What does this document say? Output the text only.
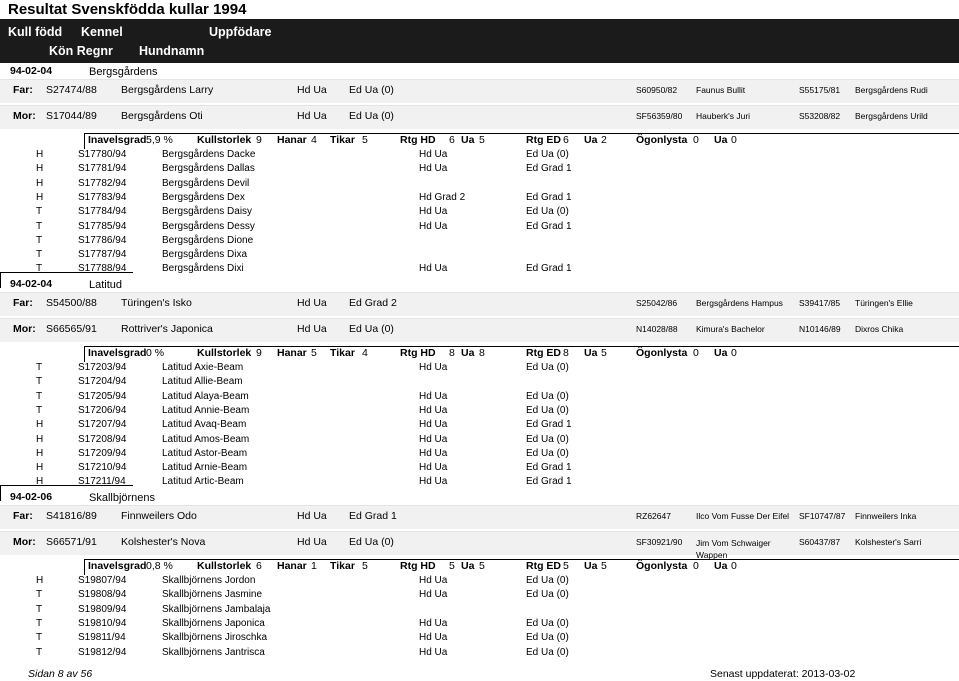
Resultat Svenskfödda kullar 1994
Kull född Kennel	Uppfödare
Kön Regnr Hundnamn
94-02-04	Bergsgårdens
Far: S27474/88 Bergsgårdens Larry	Hd Ua Ed Ua (0)	S60950/82 Faunus Bullit	S55175/81 Bergsgårdens Rudi
Mor: S17044/89 Bergsgårdens Oti	Hd Ua Ed Ua (0)	SF56359/80 Hauberk's Juri	S53208/82 Bergsgårdens Urild
Inavelsgrad 5,9 % Kullstorlek 9 Hanar 4 Tikar 5	Rtg HD 6 Ua 5	Rtg ED 6 Ua 2	Ögonlysta 0 Ua 0
H	S17780/94	Bergsgårdens Dacke	Hd Ua	Ed Ua (0)
H	S17781/94	Bergsgårdens Dallas	Hd Ua	Ed Grad 1
H	S17782/94	Bergsgårdens Devil
H	S17783/94	Bergsgårdens Dex	Hd Grad 2	Ed Grad 1
T	S17784/94	Bergsgårdens Daisy	Hd Ua	Ed Ua (0)
T	S17785/94	Bergsgårdens Dessy	Hd Ua	Ed Grad 1
T	S17786/94	Bergsgårdens Dione
T	S17787/94	Bergsgårdens Dixa
T	S17788/94	Bergsgårdens Dixi	Hd Ua	Ed Grad 1
94-02-04	Latitud
Far: S54500/88 Türingen's Isko	Hd Ua Ed Grad 2	S25042/86 Bergsgårdens Hampus S39417/85 Türingen's Ellie
Mor: S66565/91 Rottriver's Japonica	Hd Ua Ed Ua (0)	N14028/88 Kimura's Bachelor	N10146/89 Dixros Chika
Inavelsgrad 0 %	Kullstorlek 9 Hanar 5 Tikar 4	Rtg HD 8 Ua 8	Rtg ED 8 Ua 5	Ögonlysta 0 Ua 0
T	S17203/94	Latitud Axie-Beam	Hd Ua	Ed Ua (0)
T	S17204/94	Latitud Allie-Beam
T	S17205/94	Latitud Alaya-Beam	Hd Ua	Ed Ua (0)
T	S17206/94	Latitud Annie-Beam	Hd Ua	Ed Ua (0)
H	S17207/94	Latitud Avaq-Beam	Hd Ua	Ed Grad 1
H	S17208/94	Latitud Amos-Beam	Hd Ua	Ed Ua (0)
H	S17209/94	Latitud Astor-Beam	Hd Ua	Ed Ua (0)
H	S17210/94	Latitud Arnie-Beam	Hd Ua	Ed Grad 1
H	S17211/94	Latitud Artic-Beam	Hd Ua	Ed Grad 1
94-02-06	Skallbjörnens
Far: S41816/89 Finnweilers Odo	Hd Ua Ed Grad 1	RZ62647	Ilco Vom Fusse Der Eifel SF10747/87 Finnweilers Inka
Mor: S66571/91 Kolshester's Nova	Hd Ua Ed Ua (0)	SF30921/90 Jim Vom Schwaiger Wappen
S60437/87 Kolshester's Sarri
Inavelsgrad 0,8 % Kullstorlek 6 Hanar 1 Tikar 5	Rtg HD 5 Ua 5	Rtg ED 5 Ua 5	Ögonlysta 0 Ua 0
H	S19807/94	Skallbjörnens Jordon	Hd Ua	Ed Ua (0)
T	S19808/94	Skallbjörnens Jasmine	Hd Ua	Ed Ua (0)
T	S19809/94	Skallbjörnens Jambalaja
T	S19810/94	Skallbjörnens Japonica	Hd Ua	Ed Ua (0)
T	S19811/94	Skallbjörnens Jiroschka	Hd Ua	Ed Ua (0)
T	S19812/94	Skallbjörnens Jantrisca	Hd Ua	Ed Ua (0)
Sidan 8 av 56	Senast uppdaterat: 2013-03-02
